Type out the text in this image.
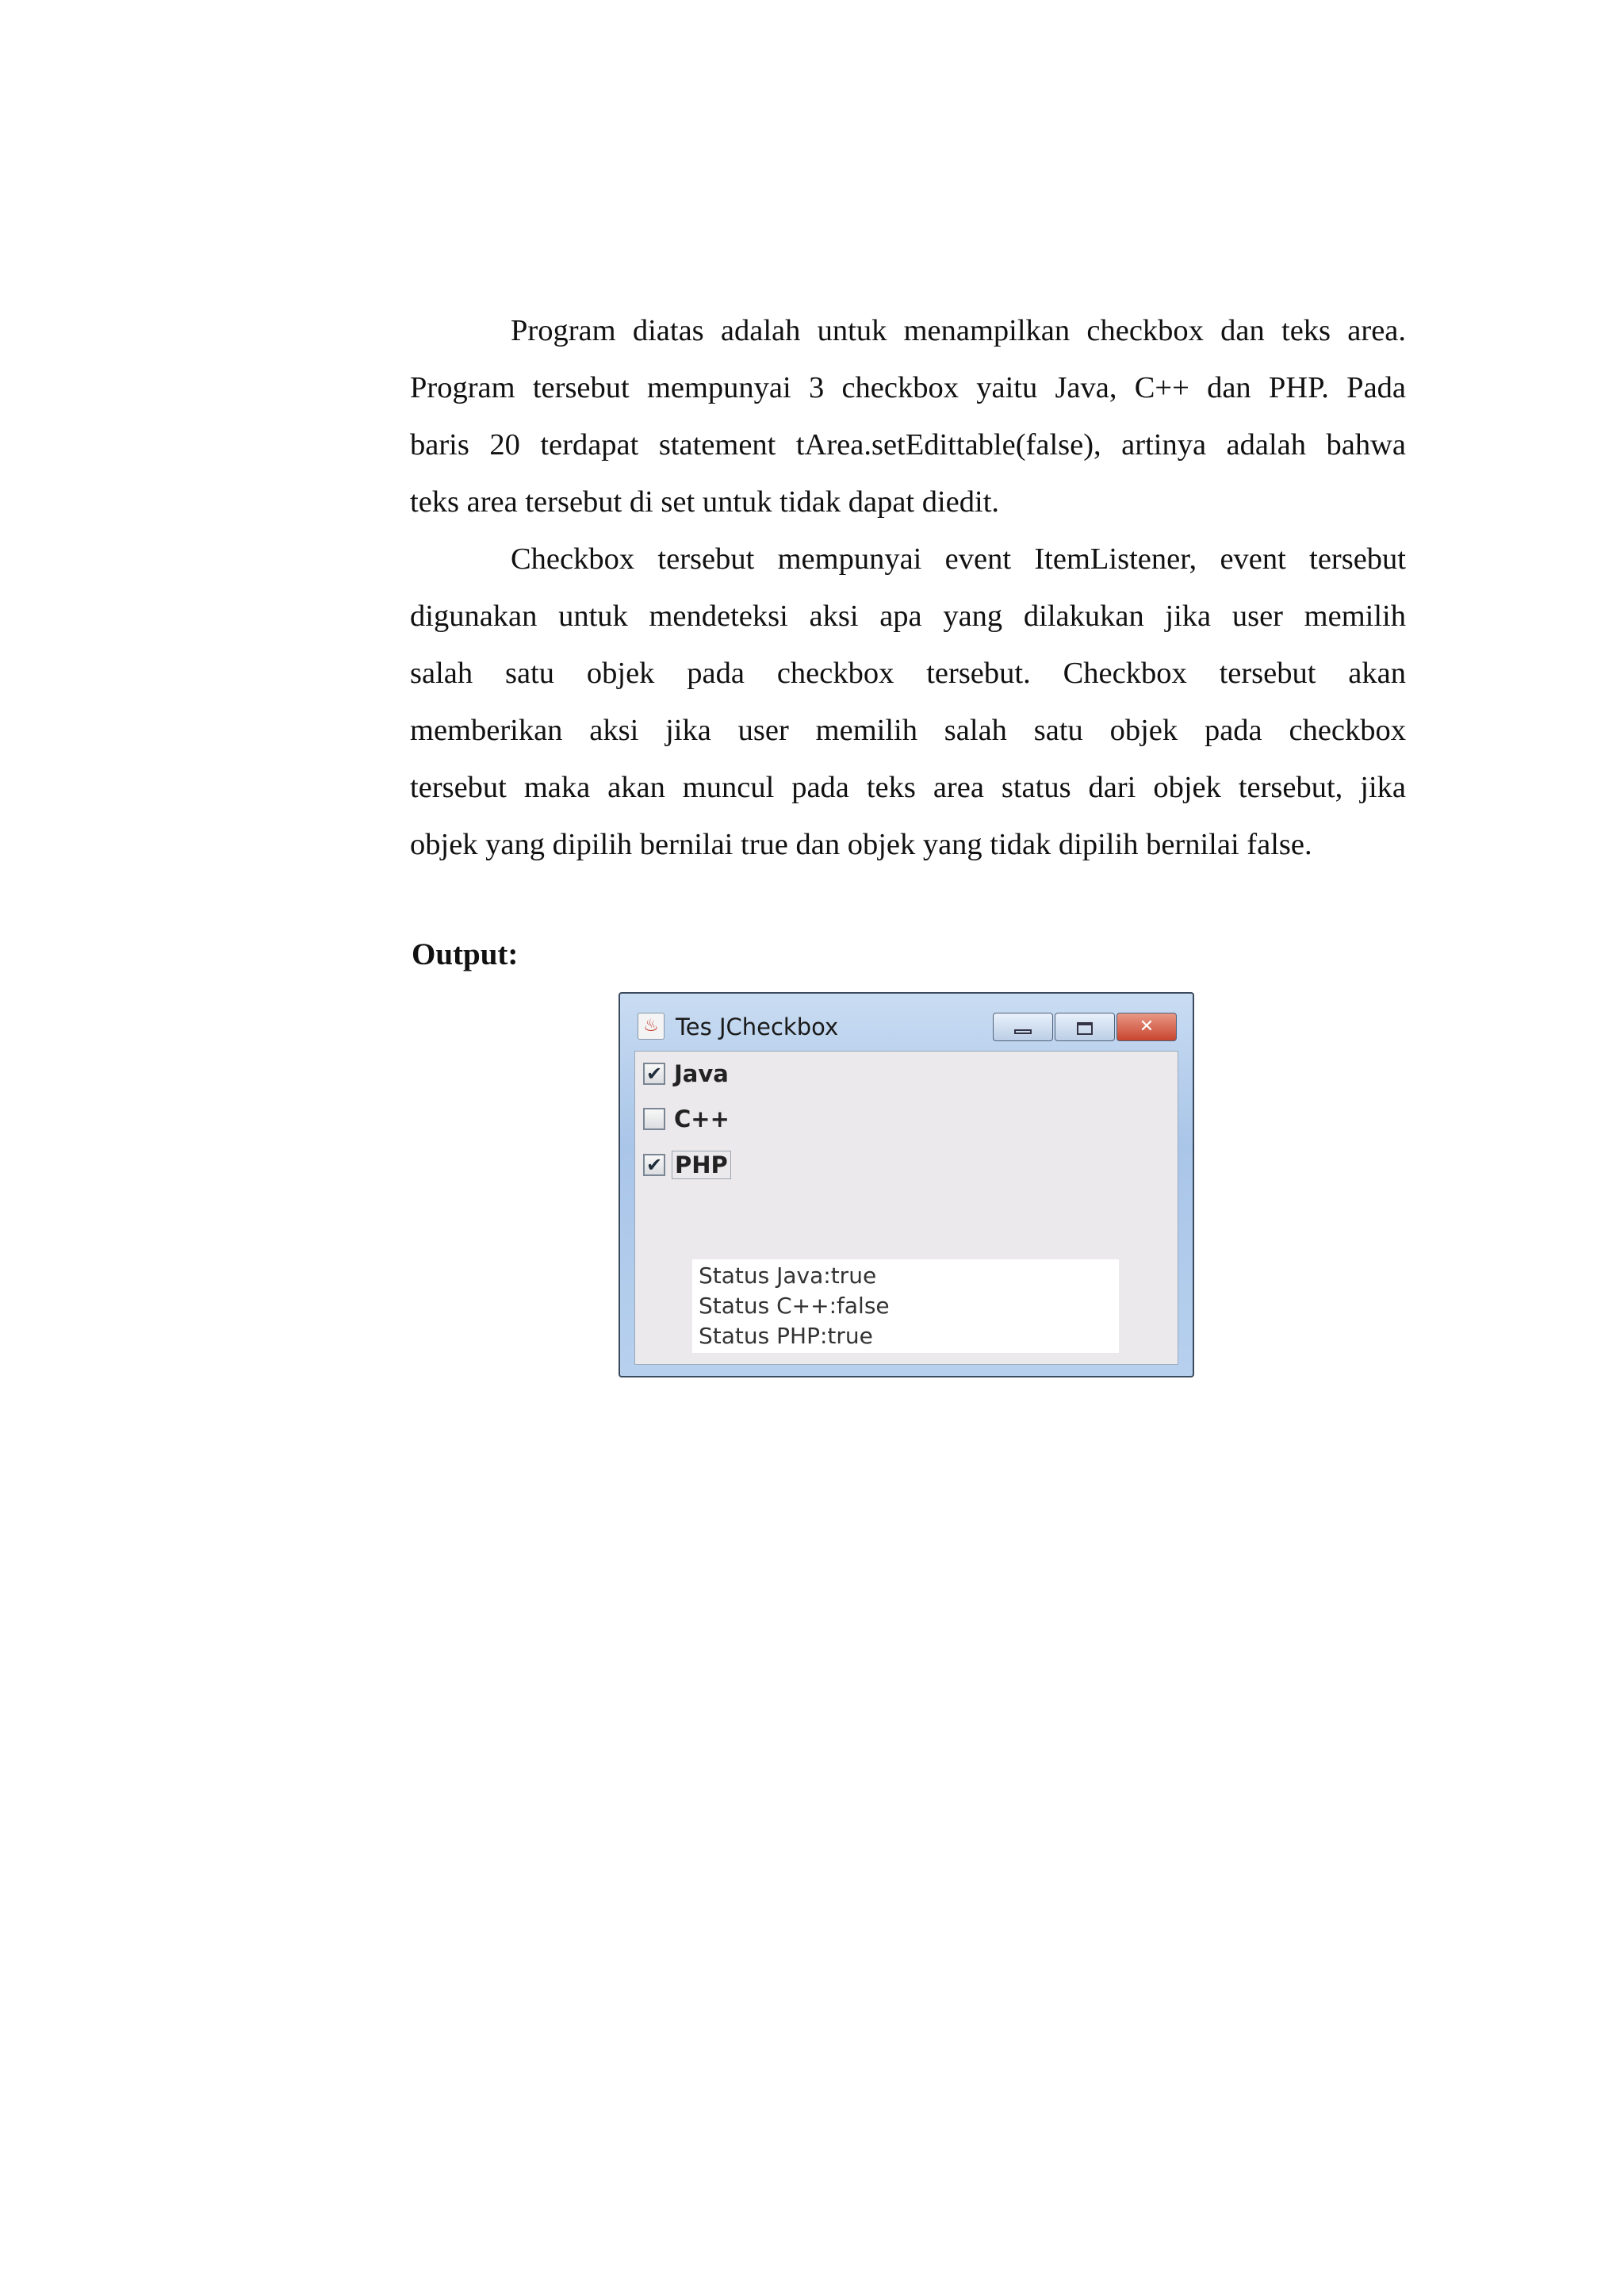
Program diatas adalah untuk menampilkan checkbox dan teks area.
Program tersebut mempunyai 3 checkbox yaitu Java, C++ dan PHP. Pada
baris 20 terdapat statement tArea.setEdittable(false), artinya adalah bahwa
teks area tersebut di set untuk tidak dapat diedit.
Checkbox tersebut mempunyai event ItemListener, event tersebut
digunakan untuk mendeteksi aksi apa yang dilakukan jika user memilih
salah satu objek pada checkbox tersebut. Checkbox tersebut akan
memberikan aksi jika user memilih salah satu objek pada checkbox
tersebut maka akan muncul pada teks area status dari objek tersebut, jika
objek yang dipilih bernilai true dan objek yang tidak dipilih bernilai false.

Output:

♨ Tes JCheckbox	✕
✔ Java
C++
✔ PHP
Status Java:true
Status C++:false
Status PHP:true
